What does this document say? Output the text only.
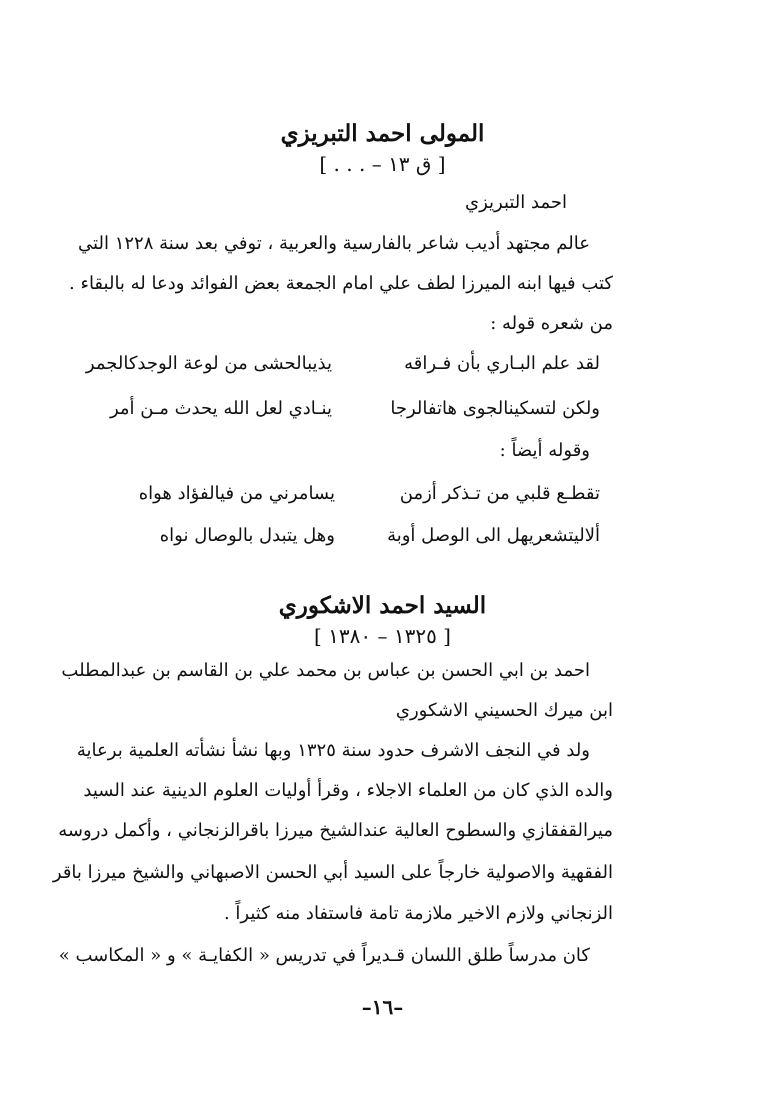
المولى احمد التبريزي
[ ق ١٣ – . . . ]
احمد التبريزي
عالم مجتهد أديب شاعر بالفارسية والعربية ، توفي بعد سنة ١٢٢٨ التي
كتب فيها ابنه الميرزا لطف علي امام الجمعة بعض الفوائد ودعا له بالبقاء .
من شعره قوله :
لقد علم البـاري بأن فـراقه
يذيبالحشى من لوعة الوجدكالجمر
ولكن لتسكينالجوى هاتفالرجا
ينـادي لعل الله يحدث مـن أمر
وقوله أيضاً :
تقطـع قلبي من تـذكر أزمن
يسامرني من فيالفؤاد هواه
ألاليتشعريهل الى الوصل أوبة
وهل يتبدل بالوصال نواه
السيد احمد الاشكوري
[ ١٣٢٥ – ١٣٨٠ ]
احمد بن ابي الحسن بن عباس بن محمد علي بن القاسم بن عبدالمطلب
ابن ميرك الحسيني الاشكوري
ولد في النجف الاشرف حدود سنة ١٣٢٥ وبها نشأ نشأته العلمية برعاية
والده الذي كان من العلماء الاجلاء ، وقرأ أوليات العلوم الدينية عند السيد
ميرالقفقازي والسطوح العالية عندالشيخ ميرزا باقرالزنجاني ، وأكمل دروسه
الفقهية والاصولية خارجاً على السيد أبي الحسن الاصبهاني والشيخ ميرزا باقر
الزنجاني ولازم الاخير ملازمة تامة فاستفاد منه كثيراً .
كان مدرساً طلق اللسان قـديراً في تدريس « الكفايـة » و « المكاسب »
–١٦–
